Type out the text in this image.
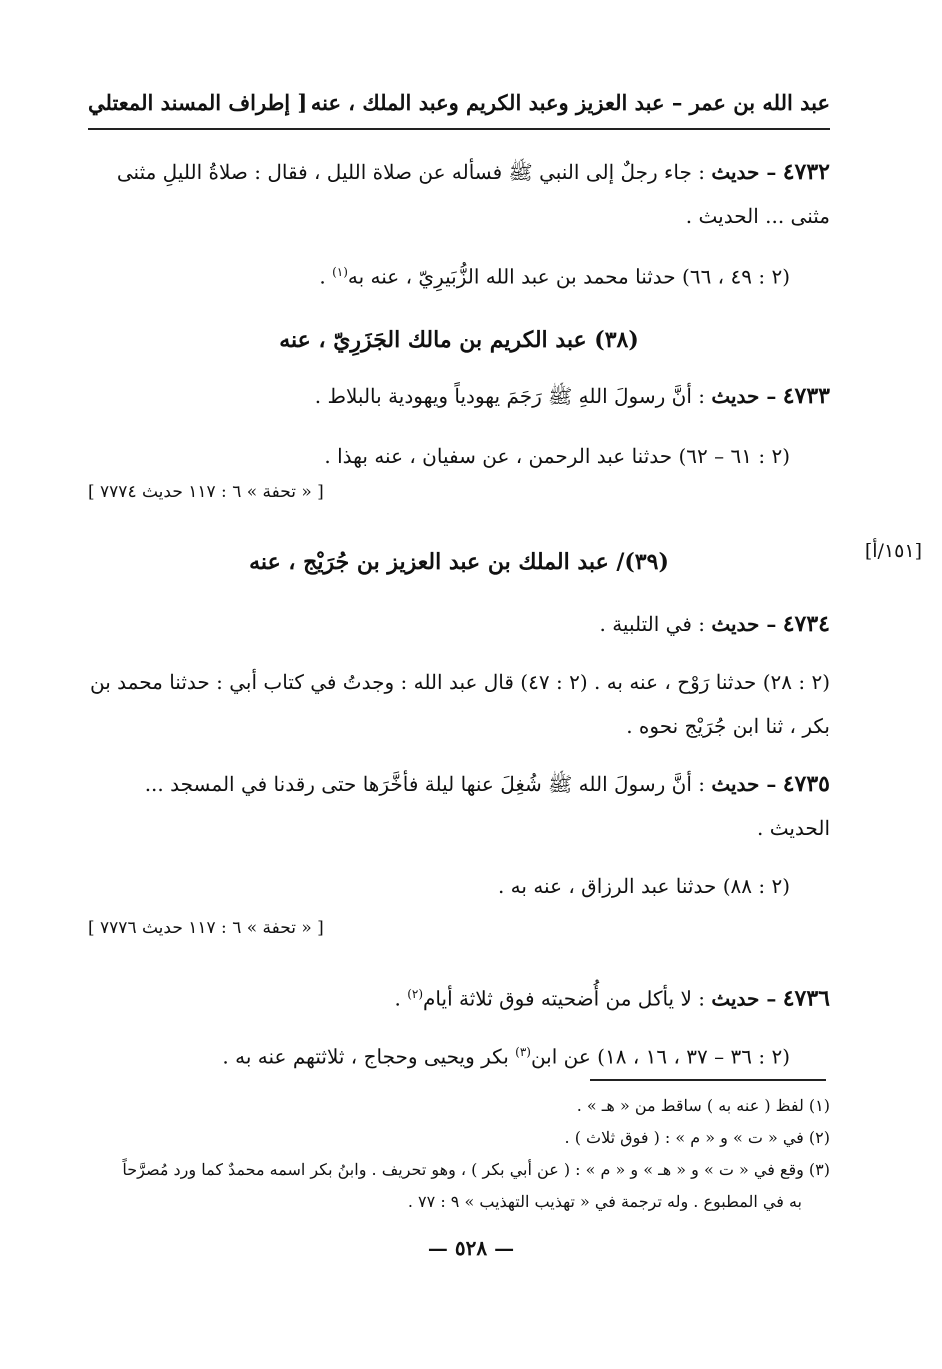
عبد الله بن عمر – عبد العزيز وعبد الكريم وعبد الملك ، عنه
[ إطراف المسند المعتلي
٤٧٣٢ – حديث : جاء رجلٌ إلى النبي ﷺ فسأله عن صلاة الليل ، فقال : صلاةُ الليلِ مثنى مثنى ... الحديث .
(٢ : ٤٩ ، ٦٦) حدثنا محمد بن عبد الله الزُّبَيرِيّ ، عنه به$^{(١)}$ .
(٣٨) عبد الكريم بن مالك الجَزَرِيّ ، عنه
٤٧٣٣ – حديث : أنَّ رسولَ اللهِ ﷺ رَجَمَ يهودياً ويهودية بالبلاط .
(٢ : ٦١ – ٦٢) حدثنا عبد الرحمن ، عن سفيان ، عنه بهذا .
[ « تحفة » ٦ : ١١٧ حديث ٧٧٧٤ ]
[١٥١/أ]
(٣٩)/ عبد الملك بن عبد العزيز بن جُرَيْج ، عنه
٤٧٣٤ – حديث : في التلبية .
(٢ : ٢٨) حدثنا رَوْح ، عنه به . (٢ : ٤٧) قال عبد الله : وجدتُ في كتاب أبي : حدثنا محمد بن بكر ، ثنا ابن جُرَيْج نحوه .
٤٧٣٥ – حديث : أنَّ رسولَ الله ﷺ شُغِلَ عنها ليلة فأخَّرَها حتى رقدنا في المسجد ... الحديث .
(٢ : ٨٨) حدثنا عبد الرزاق ، عنه به .
[ « تحفة » ٦ : ١١٧ حديث ٧٧٧٦ ]
٤٧٣٦ – حديث : لا يأكل من أُضحيته فوق ثلاثة أيام$^{(٢)}$ .
(٢ : ٣٦ – ٣٧ ، ١٦ ، ١٨) عن ابن$^{(٣)}$ بكر ويحيى وحجاج ، ثلاثتهم عنه به .
(١) لفظ ( عنه به ) ساقط من « هـ » .
(٢) في « ت » و « م » : ( فوق ثلاث ) .
(٣) وقع في « ت » و « هـ » و « م » : ( عن أبي بكر ) ، وهو تحريف . وابنُ بكر اسمه محمدٌ كما ورد مُصرَّحاً
به في المطبوع . وله ترجمة في « تهذيب التهذيب » ٩ : ٧٧ .
— ٥٢٨ —
